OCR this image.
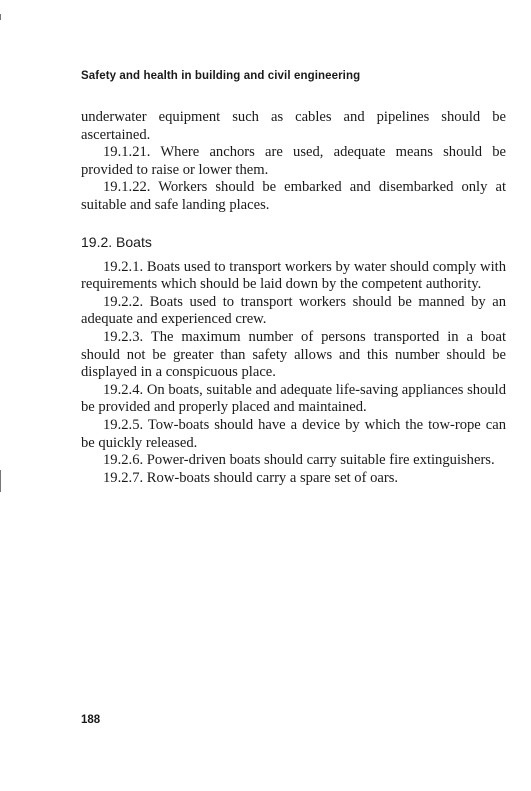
Safety and health in building and civil engineering

underwater equipment such as cables and pipelines should be ascertained.

19.1.21. Where anchors are used, adequate means should be provided to raise or lower them.

19.1.22. Workers should be embarked and disembarked only at suitable and safe landing places.

19.2. Boats

19.2.1. Boats used to transport workers by water should comply with requirements which should be laid down by the competent authority.

19.2.2. Boats used to transport workers should be manned by an adequate and experienced crew.

19.2.3. The maximum number of persons transported in a boat should not be greater than safety allows and this number should be displayed in a conspicuous place.

19.2.4. On boats, suitable and adequate life-saving appliances should be provided and properly placed and maintained.

19.2.5. Tow-boats should have a device by which the tow-rope can be quickly released.

19.2.6. Power-driven boats should carry suitable fire extinguishers.

19.2.7. Row-boats should carry a spare set of oars.

188
